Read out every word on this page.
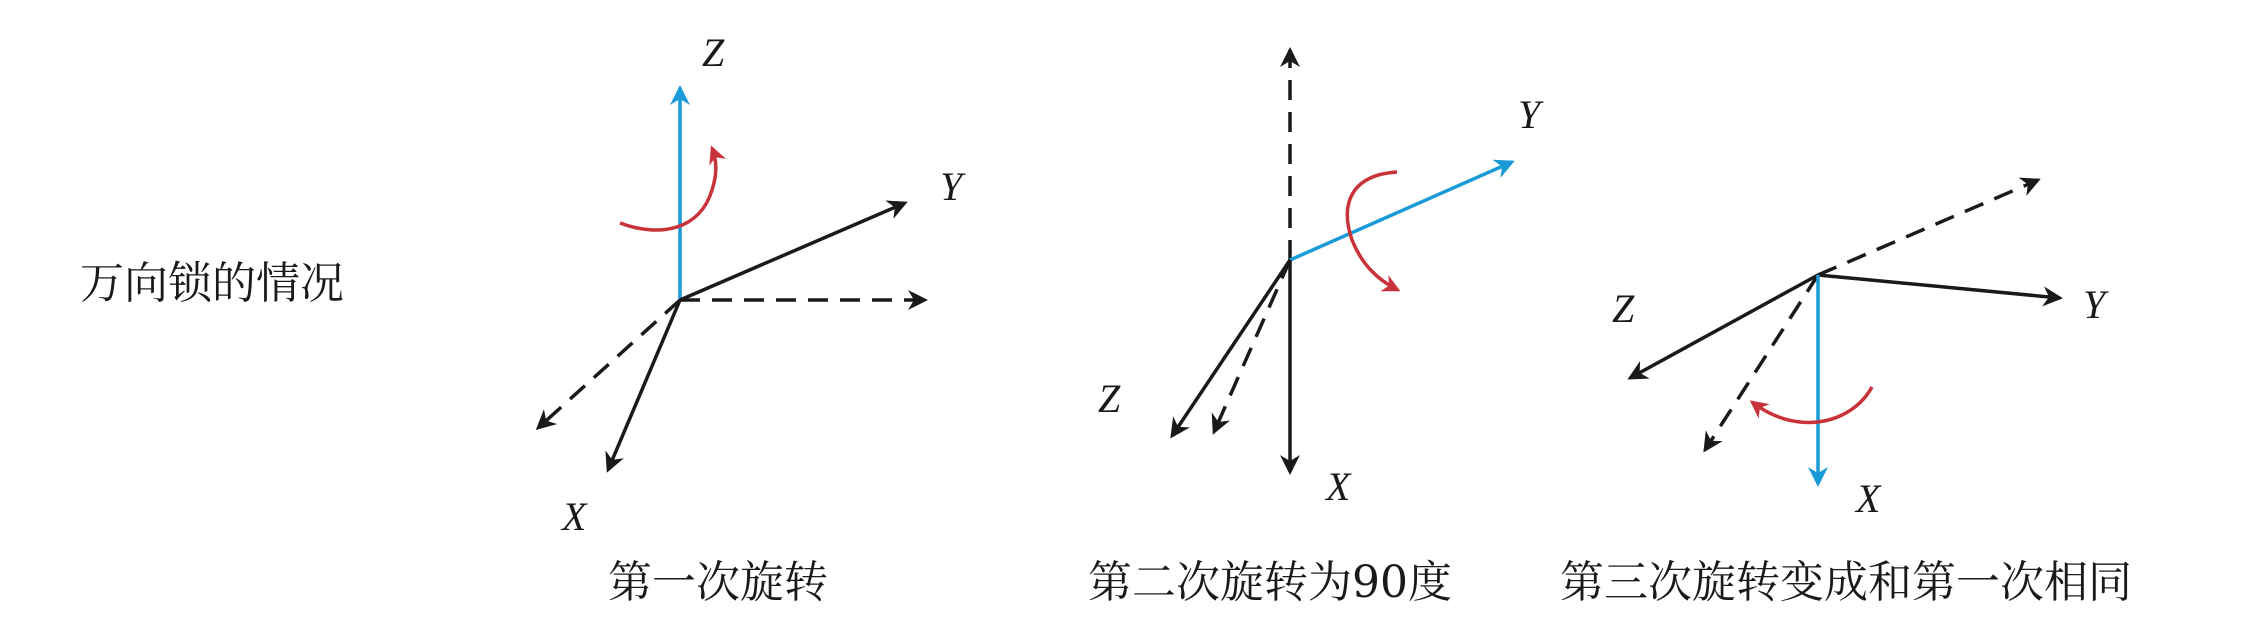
万向锁的情况
Z
Y
X
第一次旋转
Y
Z
X
第二次旋转为90度
Z	Y
X
第三次旋转变成和第一次相同
